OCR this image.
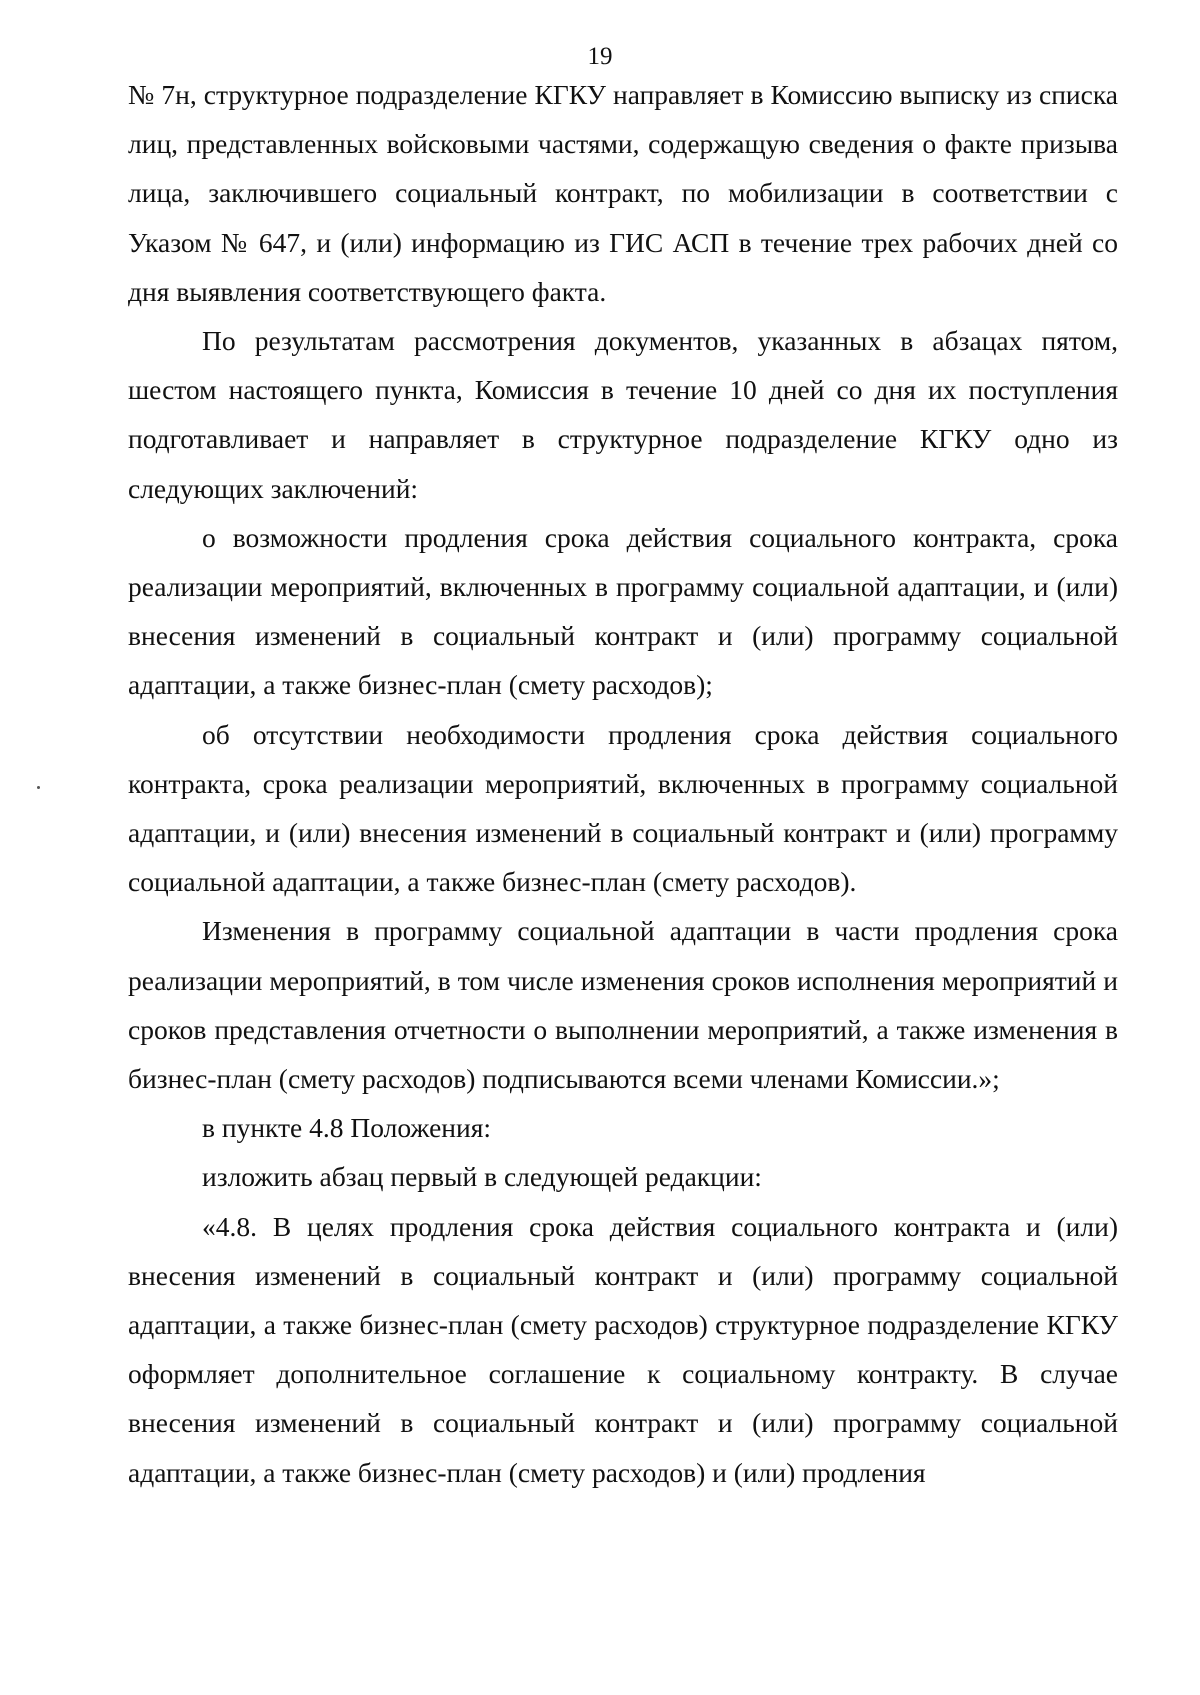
19

№ 7н, структурное подразделение КГКУ направляет в Комиссию выписку из списка лиц, представленных войсковыми частями, содержащую сведения о факте призыва лица, заключившего социальный контракт, по мобилизации в соответствии с Указом № 647, и (или) информацию из ГИС АСП в течение трех рабочих дней со дня выявления соответствующего факта.

По результатам рассмотрения документов, указанных в абзацах пятом, шестом настоящего пункта, Комиссия в течение 10 дней со дня их поступления подготавливает и направляет в структурное подразделение КГКУ одно из следующих заключений:

о возможности продления срока действия социального контракта, срока реализации мероприятий, включенных в программу социальной адаптации, и (или) внесения изменений в социальный контракт и (или) программу социальной адаптации, а также бизнес-план (смету расходов);

об отсутствии необходимости продления срока действия социального контракта, срока реализации мероприятий, включенных в программу социальной адаптации, и (или) внесения изменений в социальный контракт и (или) программу социальной адаптации, а также бизнес-план (смету расходов).

Изменения в программу социальной адаптации в части продления срока реализации мероприятий, в том числе изменения сроков исполнения мероприятий и сроков представления отчетности о выполнении мероприятий, а также изменения в бизнес-план (смету расходов) подписываются всеми членами Комиссии.»;

в пункте 4.8 Положения:

изложить абзац первый в следующей редакции:

«4.8. В целях продления срока действия социального контракта и (или) внесения изменений в социальный контракт и (или) программу социальной адаптации, а также бизнес-план (смету расходов) структурное подразделение КГКУ оформляет дополнительное соглашение к социальному контракту. В случае внесения изменений в социальный контракт и (или) программу социальной адаптации, а также бизнес-план (смету расходов) и (или) продления
